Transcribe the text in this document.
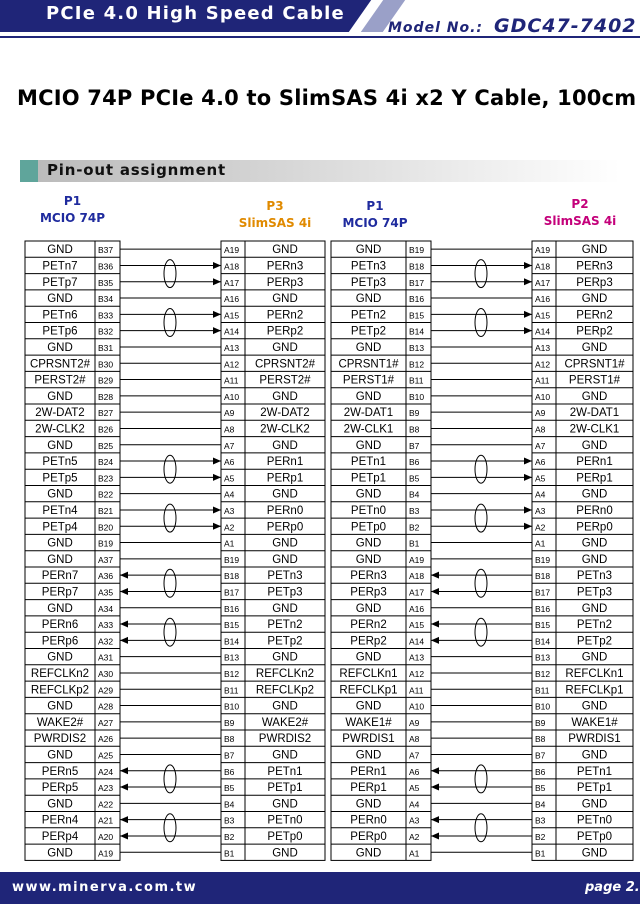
PCIe 4.0 High Speed Cable
Model No.: GDC47-7402
MCIO 74P PCIe 4.0 to SlimSAS 4i x2 Y Cable, 100cm
Pin-out assignment
P1
MCIO 74P
P3
SlimSAS 4i
P1
MCIO 74P
P2
SlimSAS 4i
GND	B37	A19	GND
PETn7 B36	A18 PERn3
PETp7 B35	A17 PERp3
GND	B34	A16	GND
PETn6 B33	A15 PERn2
PETp6 B32	A14 PERp2
GND	B31	A13	GND
CPRSNT2# B30	A12 CPRSNT2#
PERST2# B29	A11 PERST2#
GND	B28	A10	GND
2W-DAT2 B27	A9 2W-DAT2
2W-CLK2 B26	A8 2W-CLK2
GND	B25	A7	GND
PETn5 B24	A6	PERn1
PETp5 B23	A5	PERp1
GND	B22	A4	GND
PETn4 B21	A3	PERn0
PETp4 B20	A2	PERp0
GND	B19	A1	GND
GND	A37	B19	GND
PERn7 A36	B18 PETn3
PERp7 A35	B17 PETp3
GND	A34	B16	GND
PERn6 A33	B15 PETn2
PERp6 A32	B14 PETp2
GND	A31	B13	GND
REFCLKn2 A30	B12 REFCLKn2
REFCLKp2 A29	B11 REFCLKp2
GND	A28	B10	GND
WAKE2# A27	B9 WAKE2#
PWRDIS2 A26	B8 PWRDIS2
GND	A25	B7	GND
PERn5 A24	B6	PETn1
PERp5 A23	B5	PETp1
GND	A22	B4	GND
PERn4 A21	B3	PETn0
PERp4 A20	B2	PETp0
GND	A19	B1	GND
GND	B19	A19	GND
PETn3	B18	A18 PERn3
PETp3	B17	A17 PERp3
GND	B16	A16	GND
PETn2	B15	A15 PERn2
PETp2	B14	A14 PERp2
GND	B13	A13	GND
CPRSNT1# B12	A12 CPRSNT1#
PERST1# B11	A11 PERST1#
GND	B10	A10	GND
2W-DAT1 B9	A9 2W-DAT1
2W-CLK1 B8	A8 2W-CLK1
GND	B7	A7	GND
PETn1	B6	A6	PERn1
PETp1	B5	A5	PERp1
GND	B4	A4	GND
PETn0	B3	A3	PERn0
PETp0	B2	A2	PERp0
GND	B1	A1	GND
GND	A19	B19	GND
PERn3	A18	B18 PETn3
PERp3	A17	B17 PETp3
GND	A16	B16	GND
PERn2	A15	B15 PETn2
PERp2	A14	B14 PETp2
GND	A13	B13	GND
REFCLKn1 A12	B12 REFCLKn1
REFCLKp1 A11	B11 REFCLKp1
GND	A10	B10	GND
WAKE1# A9	B9 WAKE1#
PWRDIS1 A8	B8 PWRDIS1
GND	A7	B7	GND
PERn1	A6	B6	PETn1
PERp1	A5	B5	PETp1
GND	A4	B4	GND
PERn0	A3	B3	PETn0
PERp0	A2	B2	PETp0
GND	A1	B1	GND
www.minerva.com.tw	page 2.
